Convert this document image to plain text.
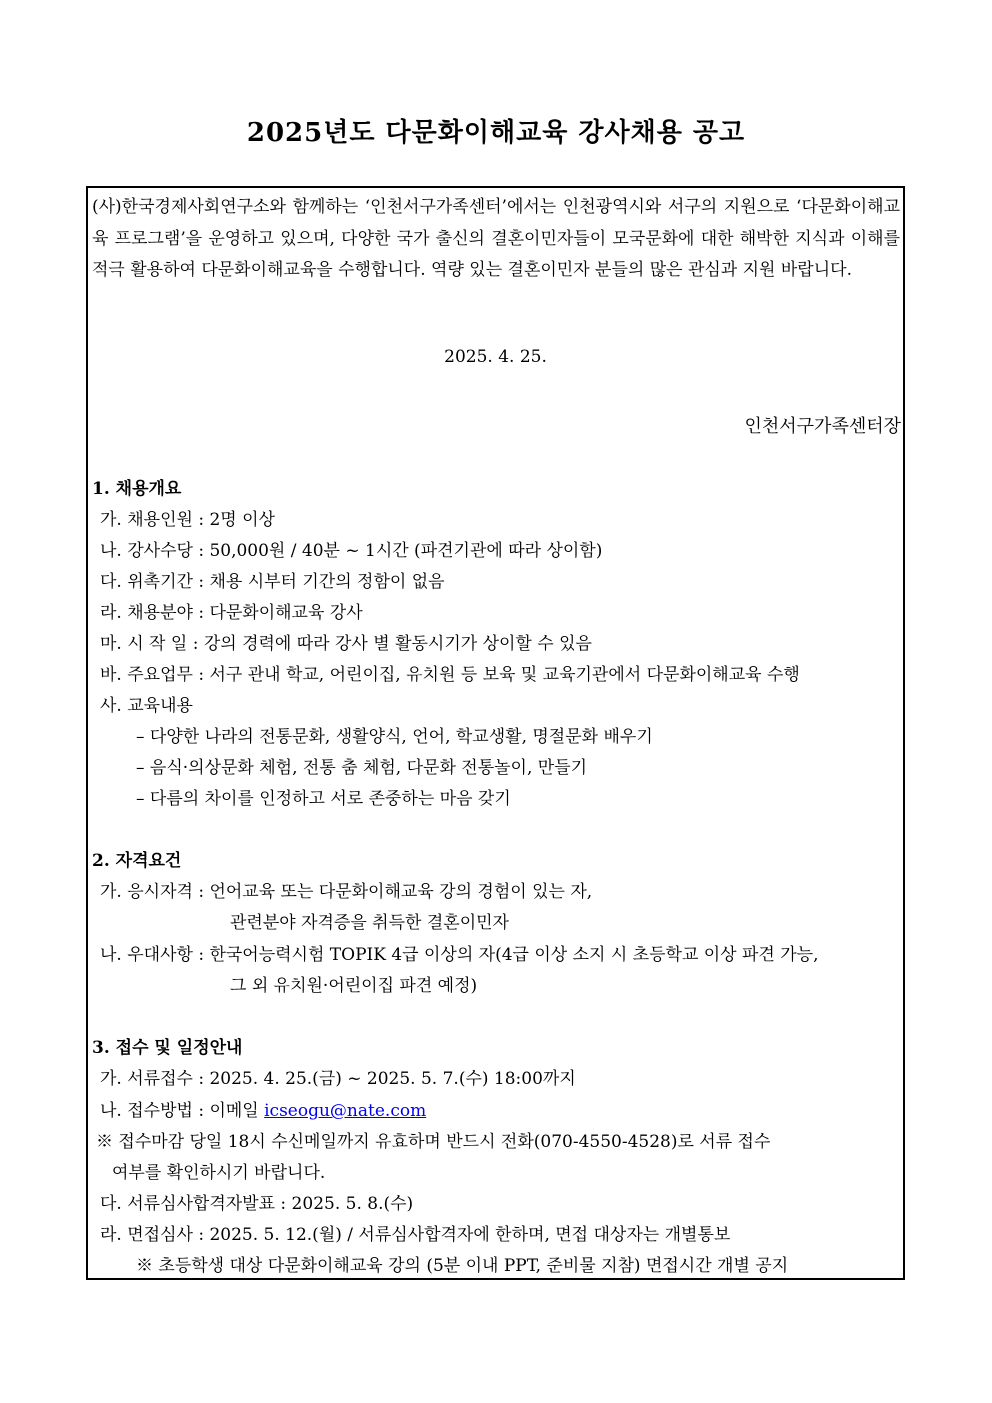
2025년도 다문화이해교육 강사채용 공고
(사)한국경제사회연구소와 함께하는 ‘인천서구가족센터’에서는 인천광역시와 서구의 지원으로 ‘다문화이해교육 프로그램’을 운영하고 있으며, 다양한 국가 출신의 결혼이민자들이 모국문화에 대한 해박한 지식과 이해를 적극 활용하여 다문화이해교육을 수행합니다. 역량 있는 결혼이민자 분들의 많은 관심과 지원 바랍니다.
2025. 4. 25.
인천서구가족센터장
1. 채용개요
가. 채용인원 : 2명 이상
나. 강사수당 : 50,000원 / 40분 ~ 1시간 (파견기관에 따라 상이함)
다. 위촉기간 : 채용 시부터 기간의 정함이 없음
라. 채용분야 : 다문화이해교육 강사
마. 시 작 일 : 강의 경력에 따라 강사 별 활동시기가 상이할 수 있음
바. 주요업무 : 서구 관내 학교, 어린이집, 유치원 등 보육 및 교육기관에서 다문화이해교육 수행
사. 교육내용
– 다양한 나라의 전통문화, 생활양식, 언어, 학교생활, 명절문화 배우기
– 음식·의상문화 체험, 전통 춤 체험, 다문화 전통놀이, 만들기
– 다름의 차이를 인정하고 서로 존중하는 마음 갖기
2. 자격요건
가. 응시자격 : 언어교육 또는 다문화이해교육 강의 경험이 있는 자,
관련분야 자격증을 취득한 결혼이민자
나. 우대사항 : 한국어능력시험 TOPIK 4급 이상의 자(4급 이상 소지 시 초등학교 이상 파견 가능,
그 외 유치원·어린이집 파견 예정)
3. 접수 및 일정안내
가. 서류접수 : 2025. 4. 25.(금) ~ 2025. 5. 7.(수) 18:00까지
나. 접수방법 : 이메일 icseogu@nate.com
※ 접수마감 당일 18시 수신메일까지 유효하며 반드시 전화(070-4550-4528)로 서류 접수
여부를 확인하시기 바랍니다.
다. 서류심사합격자발표 : 2025. 5. 8.(수)
라. 면접심사 : 2025. 5. 12.(월) / 서류심사합격자에 한하며, 면접 대상자는 개별통보
※ 초등학생 대상 다문화이해교육 강의 (5분 이내 PPT, 준비물 지참) 면접시간 개별 공지
